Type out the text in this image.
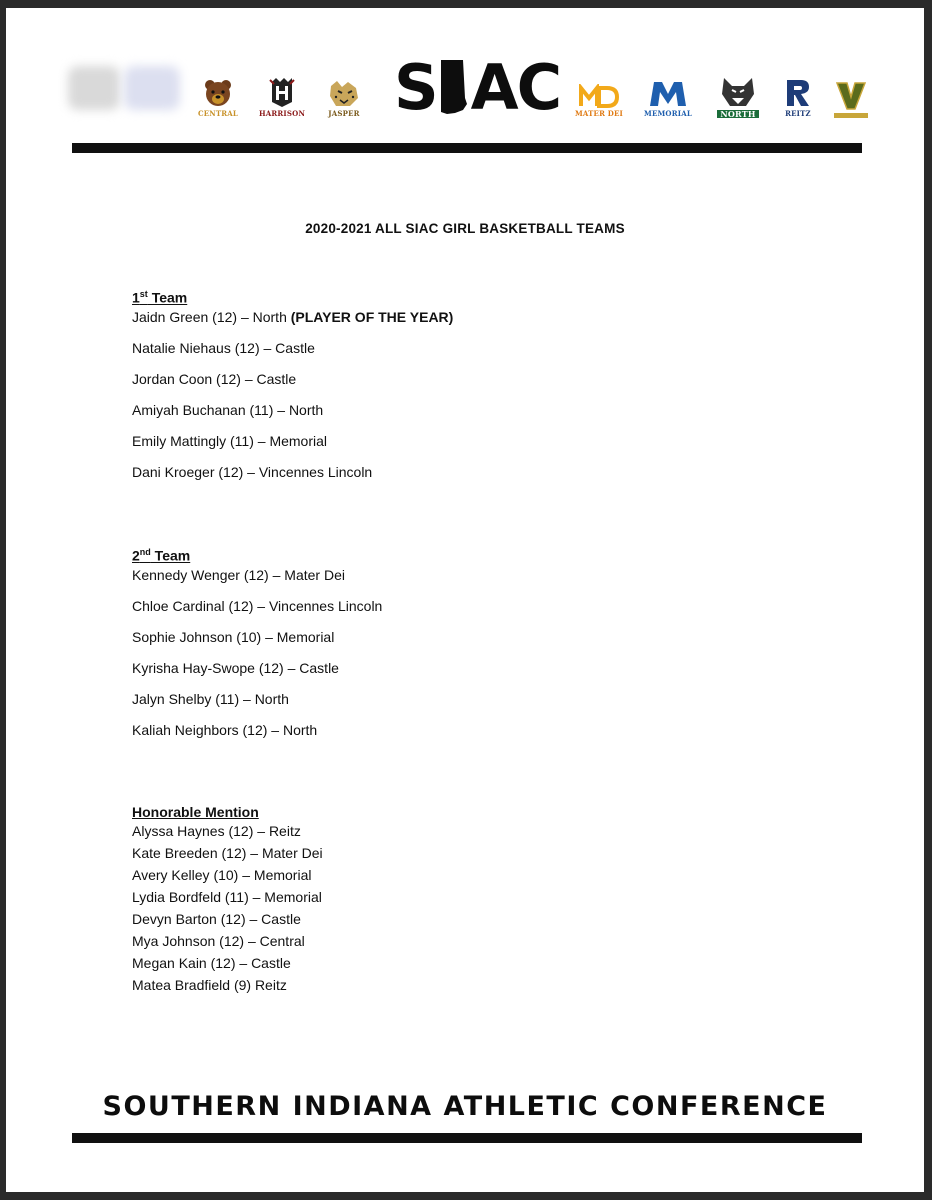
CENTRAL	HARRISON	JASPER S AC MATER DEI	MEMORIAL	NORTH	REITZ
2020-2021 ALL SIAC GIRL BASKETBALL TEAMS
1st Team
Jaidn Green (12) – North (PLAYER OF THE YEAR)
Natalie Niehaus (12) – Castle
Jordan Coon (12) – Castle
Amiyah Buchanan (11) – North
Emily Mattingly (11) – Memorial
Dani Kroeger (12) – Vincennes Lincoln
2nd Team
Kennedy Wenger (12) – Mater Dei
Chloe Cardinal (12) – Vincennes Lincoln
Sophie Johnson (10) – Memorial
Kyrisha Hay-Swope (12) – Castle
Jalyn Shelby (11) – North
Kaliah Neighbors (12) – North
Honorable Mention
Alyssa Haynes (12) – Reitz
Kate Breeden (12) – Mater Dei
Avery Kelley (10) – Memorial
Lydia Bordfeld (11) – Memorial
Devyn Barton (12) – Castle
Mya Johnson (12) – Central
Megan Kain (12) – Castle
Matea Bradfield (9) Reitz
SOUTHERN INDIANA ATHLETIC CONFERENCE
